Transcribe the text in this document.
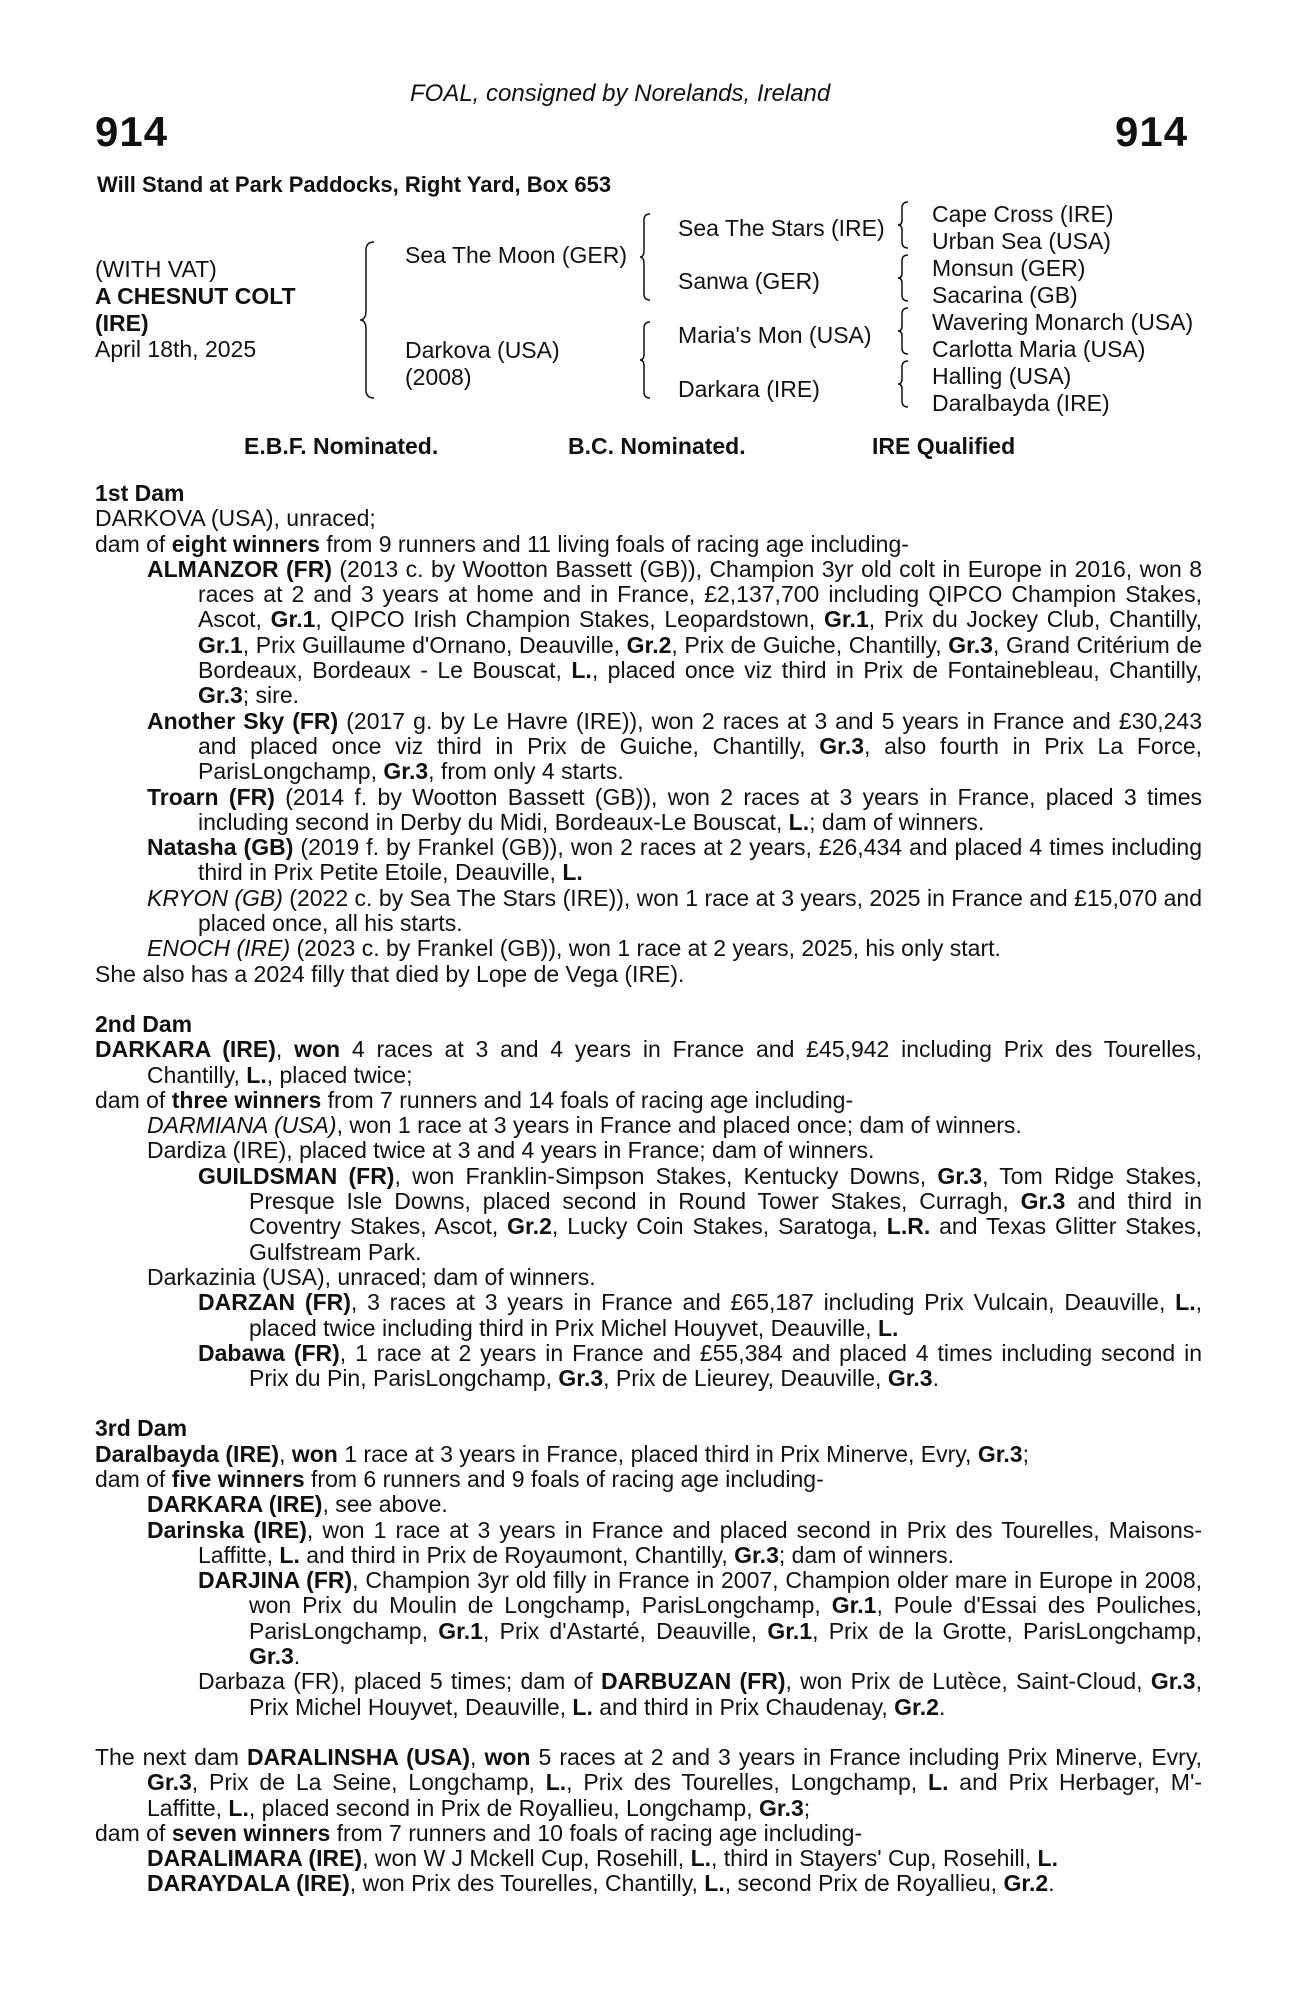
FOAL, consigned by Norelands, Ireland
914	914
Will Stand at Park Paddocks, Right Yard, Box 653
(WITH VAT)
A CHESNUT COLT
(IRE)
April 18th, 2025
Sea The Moon (GER)
Darkova (USA)
(2008)
Sea The Stars (IRE)
Sanwa (GER)
Maria's Mon (USA)
Darkara (IRE)
Cape Cross (IRE)
Urban Sea (USA)
Monsun (GER)
Sacarina (GB)
Wavering Monarch (USA)
Carlotta Maria (USA)
Halling (USA)
Daralbayda (IRE)
E.B.F. Nominated.	B.C. Nominated.	IRE Qualified

1st Dam

DARKOVA (USA), unraced;

dam of eight winners from 9 runners and 11 living foals of racing age including-

ALMANZOR (FR) (2013 c. by Wootton Bassett (GB)), Champion 3yr old colt in Europe in 2016, won 8 races at 2 and 3 years at home and in France, £2,137,700 including QIPCO Champion Stakes, Ascot, Gr.1, QIPCO Irish Champion Stakes, Leopardstown, Gr.1, Prix du Jockey Club, Chantilly, Gr.1, Prix Guillaume d'Ornano, Deauville, Gr.2, Prix de Guiche, Chantilly, Gr.3, Grand Critérium de Bordeaux, Bordeaux - Le Bouscat, L., placed once viz third in Prix de Fontainebleau, Chantilly, Gr.3; sire.

Another Sky (FR) (2017 g. by Le Havre (IRE)), won 2 races at 3 and 5 years in France and £30,243 and placed once viz third in Prix de Guiche, Chantilly, Gr.3, also fourth in Prix La Force, ParisLongchamp, Gr.3, from only 4 starts.

Troarn (FR) (2014 f. by Wootton Bassett (GB)), won 2 races at 3 years in France, placed 3 times including second in Derby du Midi, Bordeaux-Le Bouscat, L.; dam of winners.

Natasha (GB) (2019 f. by Frankel (GB)), won 2 races at 2 years, £26,434 and placed 4 times including third in Prix Petite Etoile, Deauville, L.

KRYON (GB) (2022 c. by Sea The Stars (IRE)), won 1 race at 3 years, 2025 in France and £15,070 and placed once, all his starts.

ENOCH (IRE) (2023 c. by Frankel (GB)), won 1 race at 2 years, 2025, his only start.

She also has a 2024 filly that died by Lope de Vega (IRE).

2nd Dam

DARKARA (IRE), won 4 races at 3 and 4 years in France and £45,942 including Prix des Tourelles, Chantilly, L., placed twice;

dam of three winners from 7 runners and 14 foals of racing age including-

DARMIANA (USA), won 1 race at 3 years in France and placed once; dam of winners.

Dardiza (IRE), placed twice at 3 and 4 years in France; dam of winners.

GUILDSMAN (FR), won Franklin-Simpson Stakes, Kentucky Downs, Gr.3, Tom Ridge Stakes, Presque Isle Downs, placed second in Round Tower Stakes, Curragh, Gr.3 and third in Coventry Stakes, Ascot, Gr.2, Lucky Coin Stakes, Saratoga, L.R. and Texas Glitter Stakes, Gulfstream Park.

Darkazinia (USA), unraced; dam of winners.

DARZAN (FR), 3 races at 3 years in France and £65,187 including Prix Vulcain, Deauville, L., placed twice including third in Prix Michel Houyvet, Deauville, L.

Dabawa (FR), 1 race at 2 years in France and £55,384 and placed 4 times including second in Prix du Pin, ParisLongchamp, Gr.3, Prix de Lieurey, Deauville, Gr.3.

3rd Dam

Daralbayda (IRE), won 1 race at 3 years in France, placed third in Prix Minerve, Evry, Gr.3;

dam of five winners from 6 runners and 9 foals of racing age including-

DARKARA (IRE), see above.

Darinska (IRE), won 1 race at 3 years in France and placed second in Prix des Tourelles, Maisons-Laffitte, L. and third in Prix de Royaumont, Chantilly, Gr.3; dam of winners.

DARJINA (FR), Champion 3yr old filly in France in 2007, Champion older mare in Europe in 2008, won Prix du Moulin de Longchamp, ParisLongchamp, Gr.1, Poule d'Essai des Pouliches, ParisLongchamp, Gr.1, Prix d'Astarté, Deauville, Gr.1, Prix de la Grotte, ParisLongchamp, Gr.3.

Darbaza (FR), placed 5 times; dam of DARBUZAN (FR), won Prix de Lutèce, Saint-Cloud, Gr.3, Prix Michel Houyvet, Deauville, L. and third in Prix Chaudenay, Gr.2.

The next dam DARALINSHA (USA), won 5 races at 2 and 3 years in France including Prix Minerve, Evry, Gr.3, Prix de La Seine, Longchamp, L., Prix des Tourelles, Longchamp, L. and Prix Herbager, M'-Laffitte, L., placed second in Prix de Royallieu, Longchamp, Gr.3;

dam of seven winners from 7 runners and 10 foals of racing age including-

DARALIMARA (IRE), won W J Mckell Cup, Rosehill, L., third in Stayers' Cup, Rosehill, L.

DARAYDALA (IRE), won Prix des Tourelles, Chantilly, L., second Prix de Royallieu, Gr.2.
